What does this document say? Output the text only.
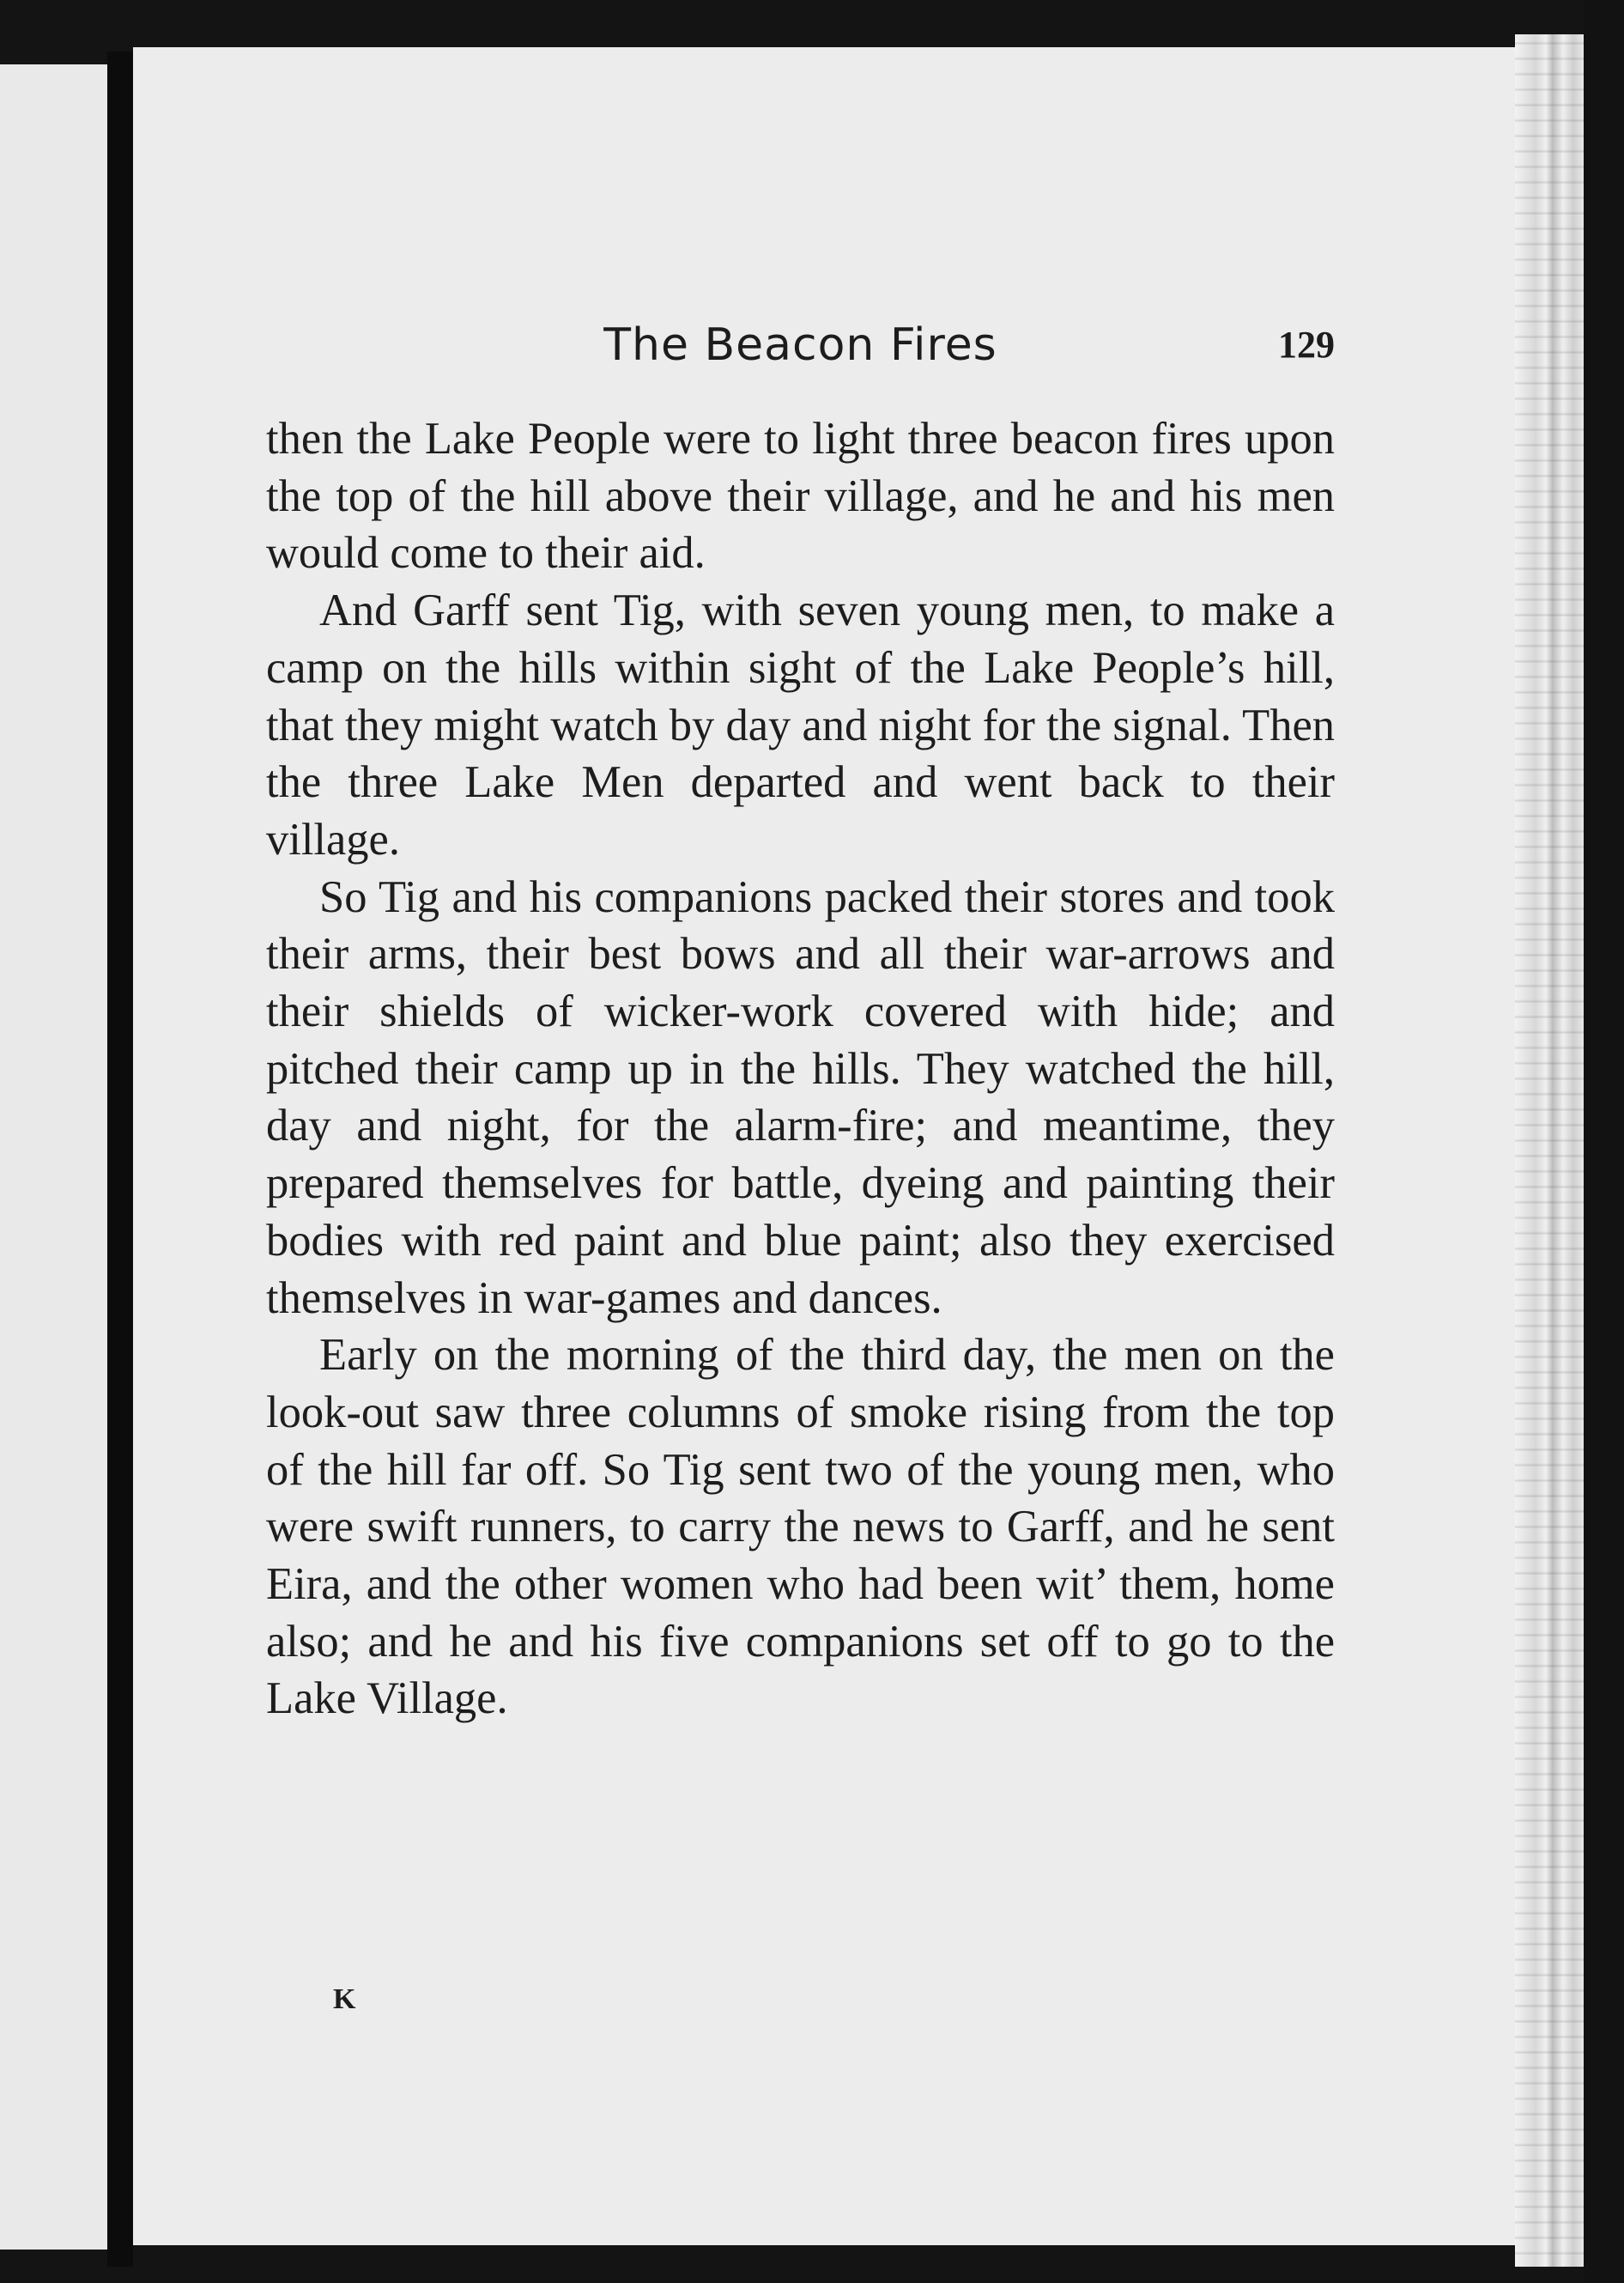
The Beacon Fires	129

then the Lake People were to light three beacon fires upon the top of the hill above their village, and he and his men would come to their aid.

And Garff sent Tig, with seven young men, to make a camp on the hills within sight of the Lake People’s hill, that they might watch by day and night for the signal. Then the three Lake Men departed and went back to their village.

So Tig and his companions packed their stores and took their arms, their best bows and all their war-arrows and their shields of wicker-work covered with hide; and pitched their camp up in the hills. They watched the hill, day and night, for the alarm-fire; and meantime, they prepared themselves for battle, dyeing and painting their bodies with red paint and blue paint; also they exercised themselves in war-games and dances.

Early on the morning of the third day, the men on the look-out saw three columns of smoke rising from the top of the hill far off. So Tig sent two of the young men, who were swift runners, to carry the news to Garff, and he sent Eira, and the other women who had been wit’ them, home also; and he and his five companions set off to go to the Lake Village.

K
